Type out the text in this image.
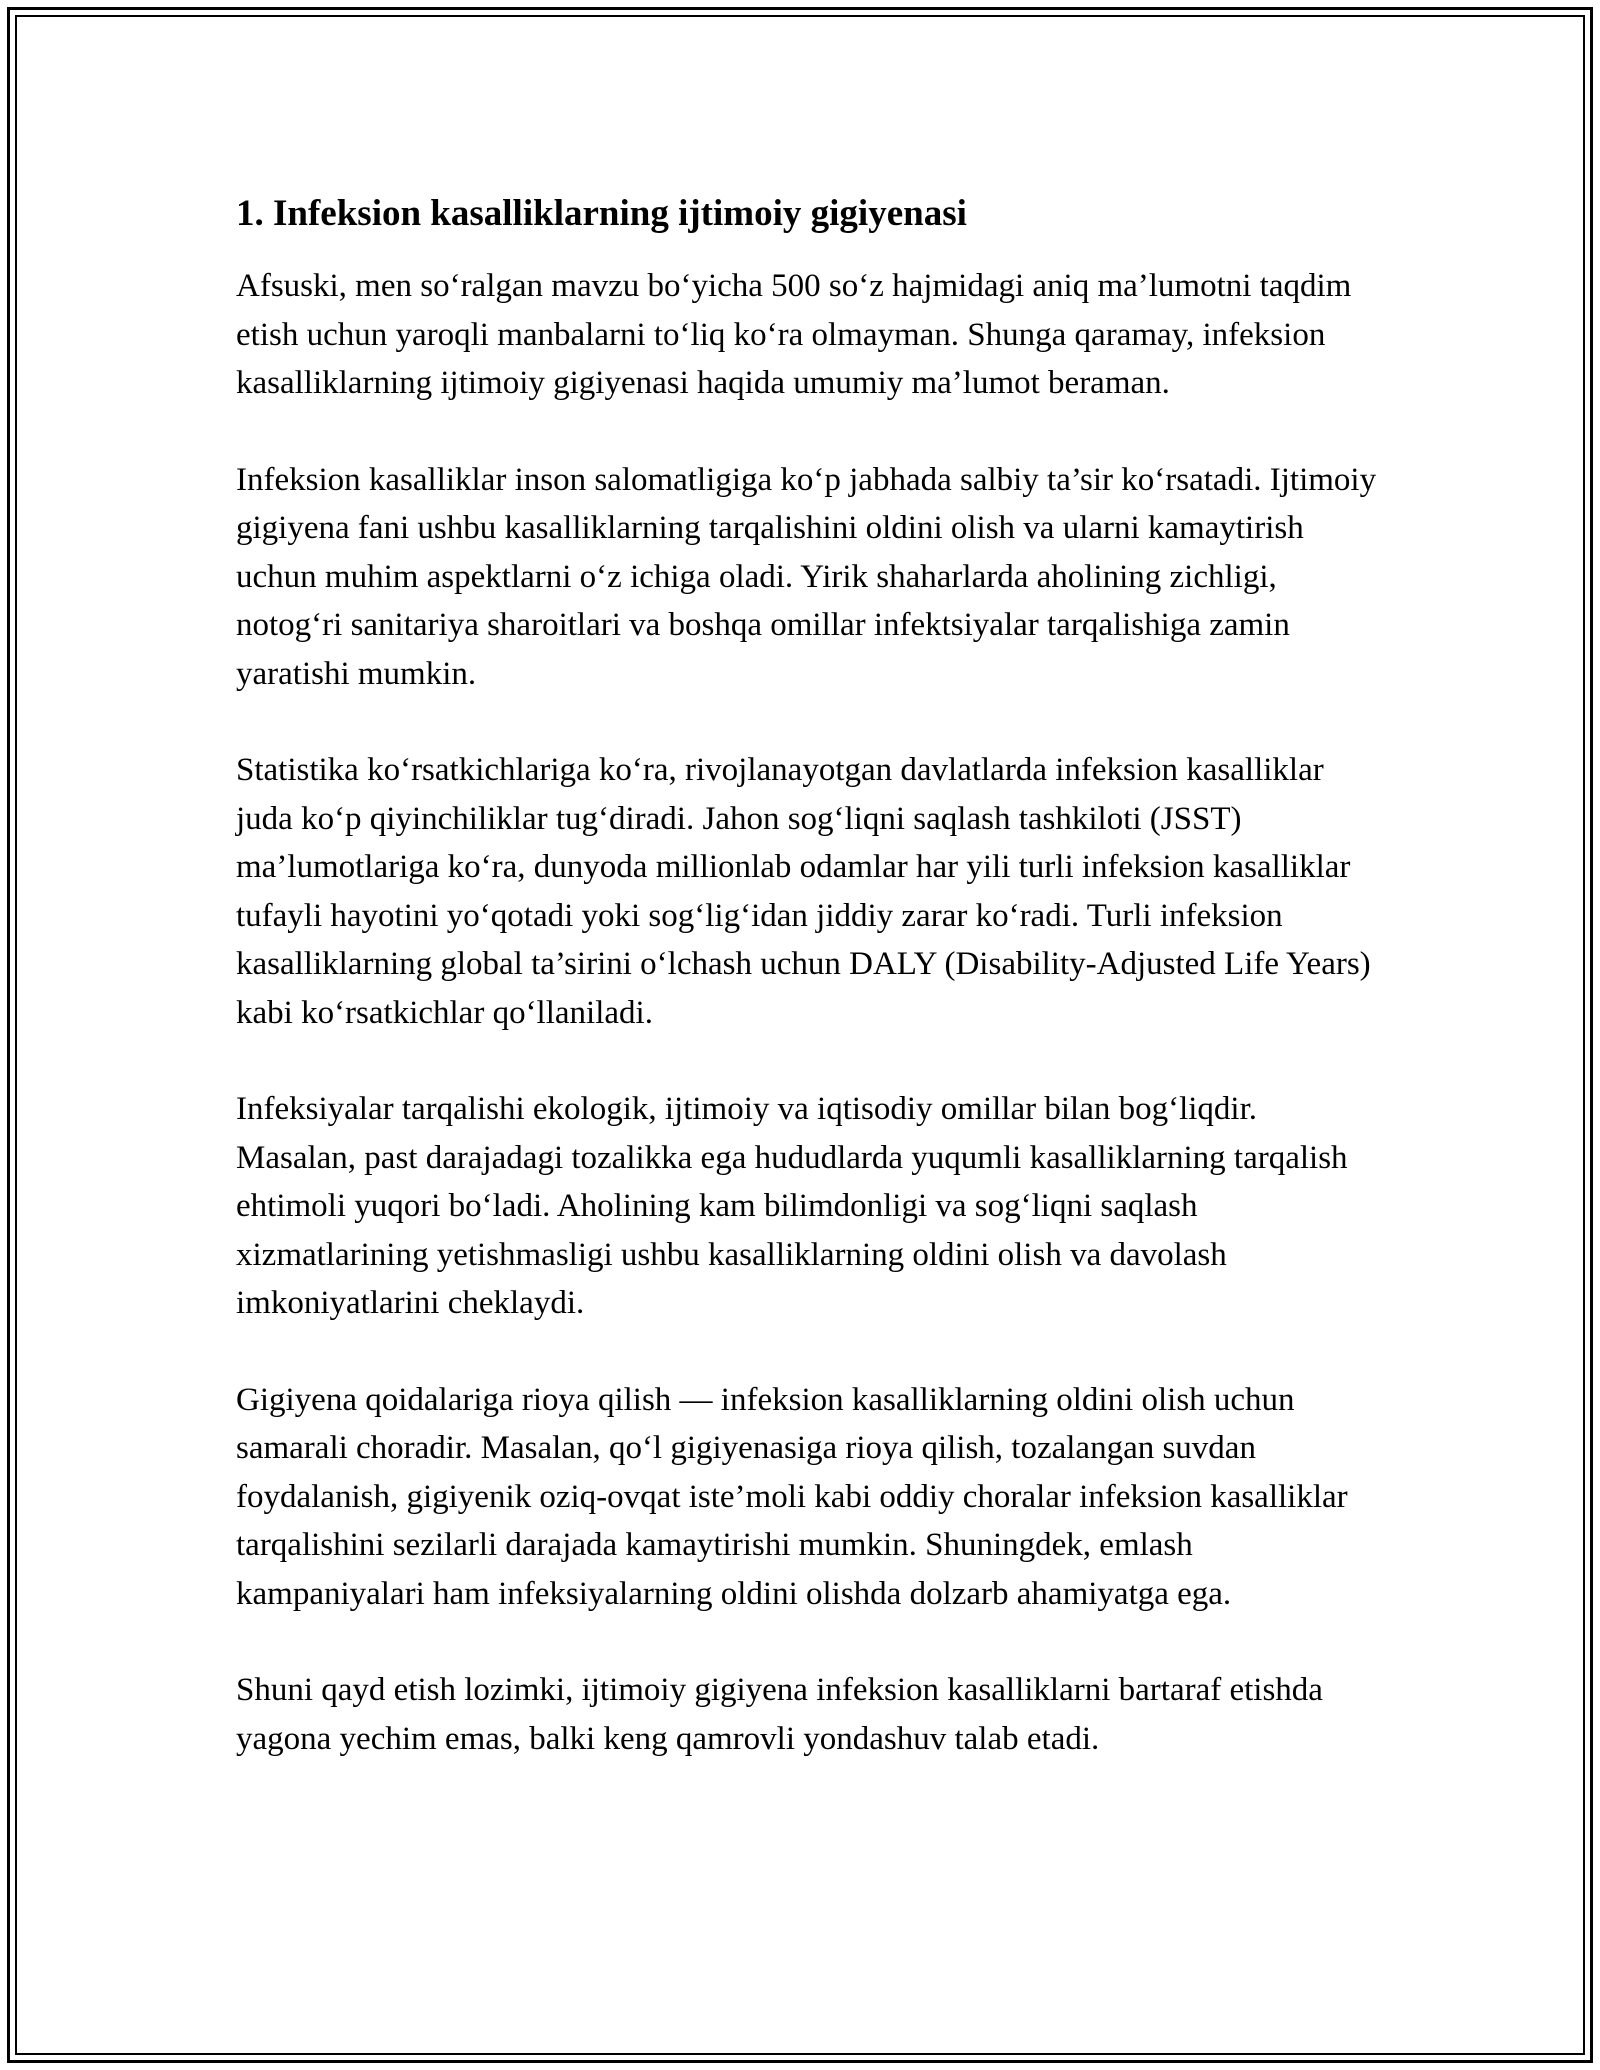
1. Infeksion kasalliklarning ijtimoiy gigiyenasi

Afsuski, men so‘ralgan mavzu bo‘yicha 500 so‘z hajmidagi aniq ma’lumotni taqdim etish uchun yaroqli manbalarni to‘liq ko‘ra olmayman. Shunga qaramay, infeksion kasalliklarning ijtimoiy gigiyenasi haqida umumiy ma’lumot beraman.

Infeksion kasalliklar inson salomatligiga ko‘p jabhada salbiy ta’sir ko‘rsatadi. Ijtimoiy gigiyena fani ushbu kasalliklarning tarqalishini oldini olish va ularni kamaytirish uchun muhim aspektlarni o‘z ichiga oladi. Yirik shaharlarda aholining zichligi, notog‘ri sanitariya sharoitlari va boshqa omillar infektsiyalar tarqalishiga zamin yaratishi mumkin.

Statistika ko‘rsatkichlariga ko‘ra, rivojlanayotgan davlatlarda infeksion kasalliklar juda ko‘p qiyinchiliklar tug‘diradi. Jahon sog‘liqni saqlash tashkiloti (JSST) ma’lumotlariga ko‘ra, dunyoda millionlab odamlar har yili turli infeksion kasalliklar tufayli hayotini yo‘qotadi yoki sog‘lig‘idan jiddiy zarar ko‘radi. Turli infeksion kasalliklarning global ta’sirini o‘lchash uchun DALY (Disability-Adjusted Life Years) kabi ko‘rsatkichlar qo‘llaniladi.

Infeksiyalar tarqalishi ekologik, ijtimoiy va iqtisodiy omillar bilan bog‘liqdir. Masalan, past darajadagi tozalikka ega hududlarda yuqumli kasalliklarning tarqalish ehtimoli yuqori bo‘ladi. Aholining kam bilimdonligi va sog‘liqni saqlash xizmatlarining yetishmasligi ushbu kasalliklarning oldini olish va davolash imkoniyatlarini cheklaydi.

Gigiyena qoidalariga rioya qilish — infeksion kasalliklarning oldini olish uchun samarali choradir. Masalan, qo‘l gigiyenasiga rioya qilish, tozalangan suvdan foydalanish, gigiyenik oziq-ovqat iste’moli kabi oddiy choralar infeksion kasalliklar tarqalishini sezilarli darajada kamaytirishi mumkin. Shuningdek, emlash kampaniyalari ham infeksiyalarning oldini olishda dolzarb ahamiyatga ega.

Shuni qayd etish lozimki, ijtimoiy gigiyena infeksion kasalliklarni bartaraf etishda yagona yechim emas, balki keng qamrovli yondashuv talab etadi.
